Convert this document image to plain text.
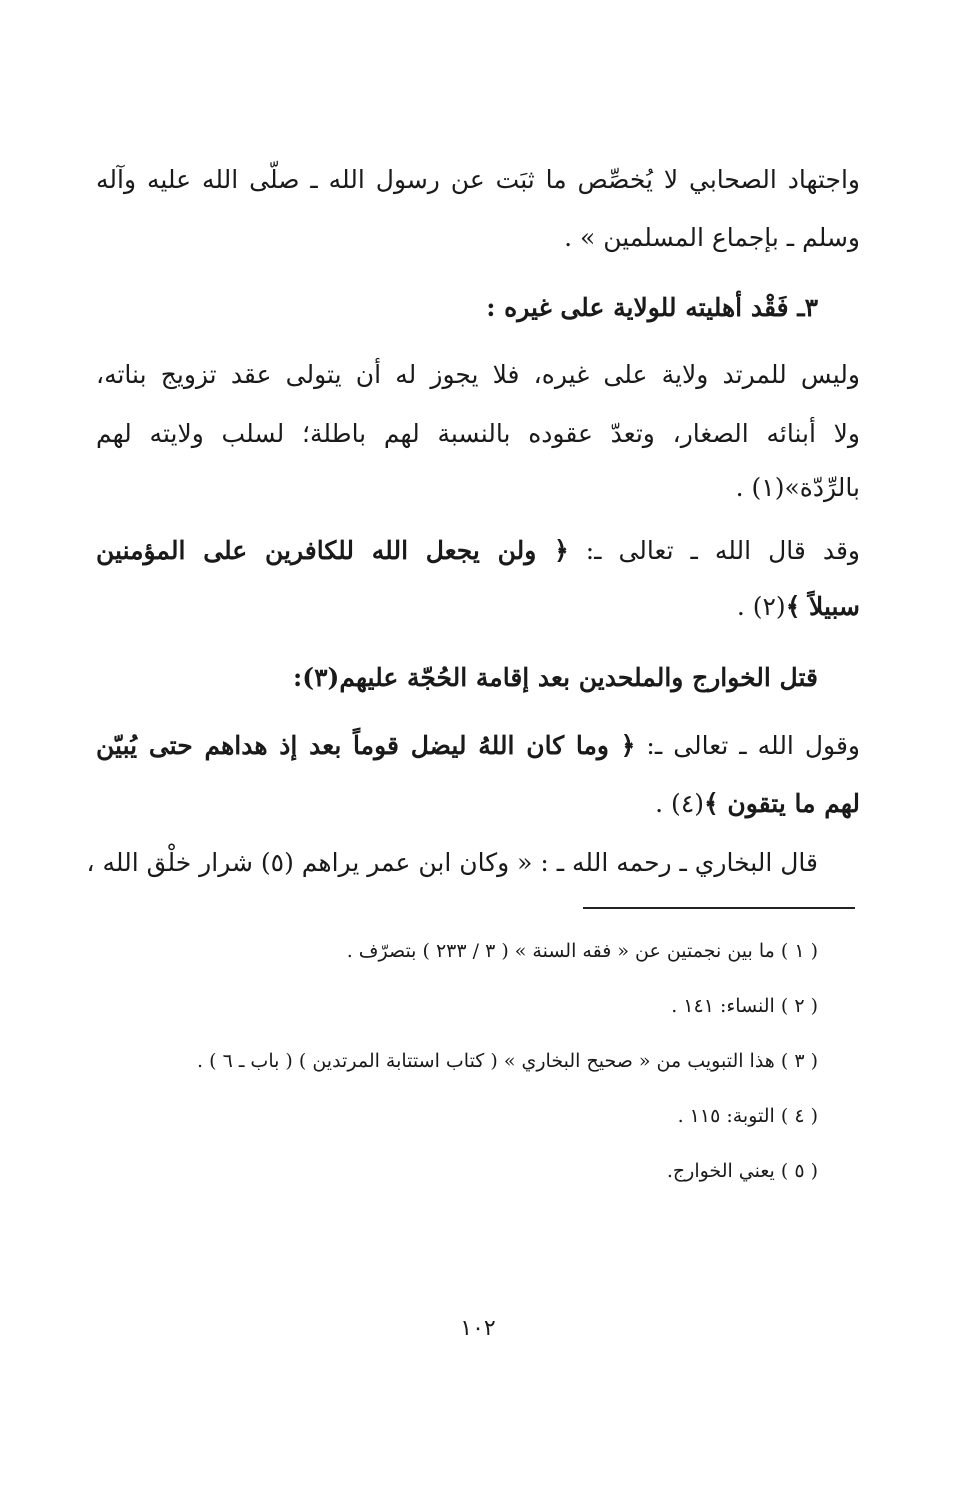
واجتهاد الصحابي لا يُخصِّص ما ثبَت عن رسول الله ـ صلّى الله عليه وآله
وسلم ـ بإجماع المسلمين » .
٣ـ فَقْد أهليته للولاية على غيره :
وليس للمرتد ولاية على غيره، فلا يجوز له أن يتولى عقد تزويج بناته،
ولا أبنائه الصغار، وتعدّ عقوده بالنسبة لهم باطلة؛ لسلب ولايته لهم
بالرِّدّة»(١) .
وقد قال الله ـ تعالى ـ: ﴿ ولن يجعل الله للكافرين على المؤمنين
سبيلاً ﴾(٢) .
قتل الخوارج والملحدين بعد إقامة الحُجّة عليهم(٣):
وقول الله ـ تعالى ـ: ﴿ وما كان اللهُ ليضل قوماً بعد إذ هداهم حتى يُبيّن
لهم ما يتقون ﴾(٤) .
قال البخاري ـ رحمه الله ـ : « وكان ابن عمر يراهم (٥) شرار خلْق الله ،
( ١ ) ما بين نجمتين عن « فقه السنة » ( ٣ / ٢٣٣ ) بتصرّف .
( ٢ ) النساء: ١٤١ .
( ٣ ) هذا التبويب من « صحيح البخاري » ( كتاب استتابة المرتدين ) ( باب ـ ٦ ) .
( ٤ ) التوبة: ١١٥ .
( ٥ ) يعني الخوارج.
١٠٢
